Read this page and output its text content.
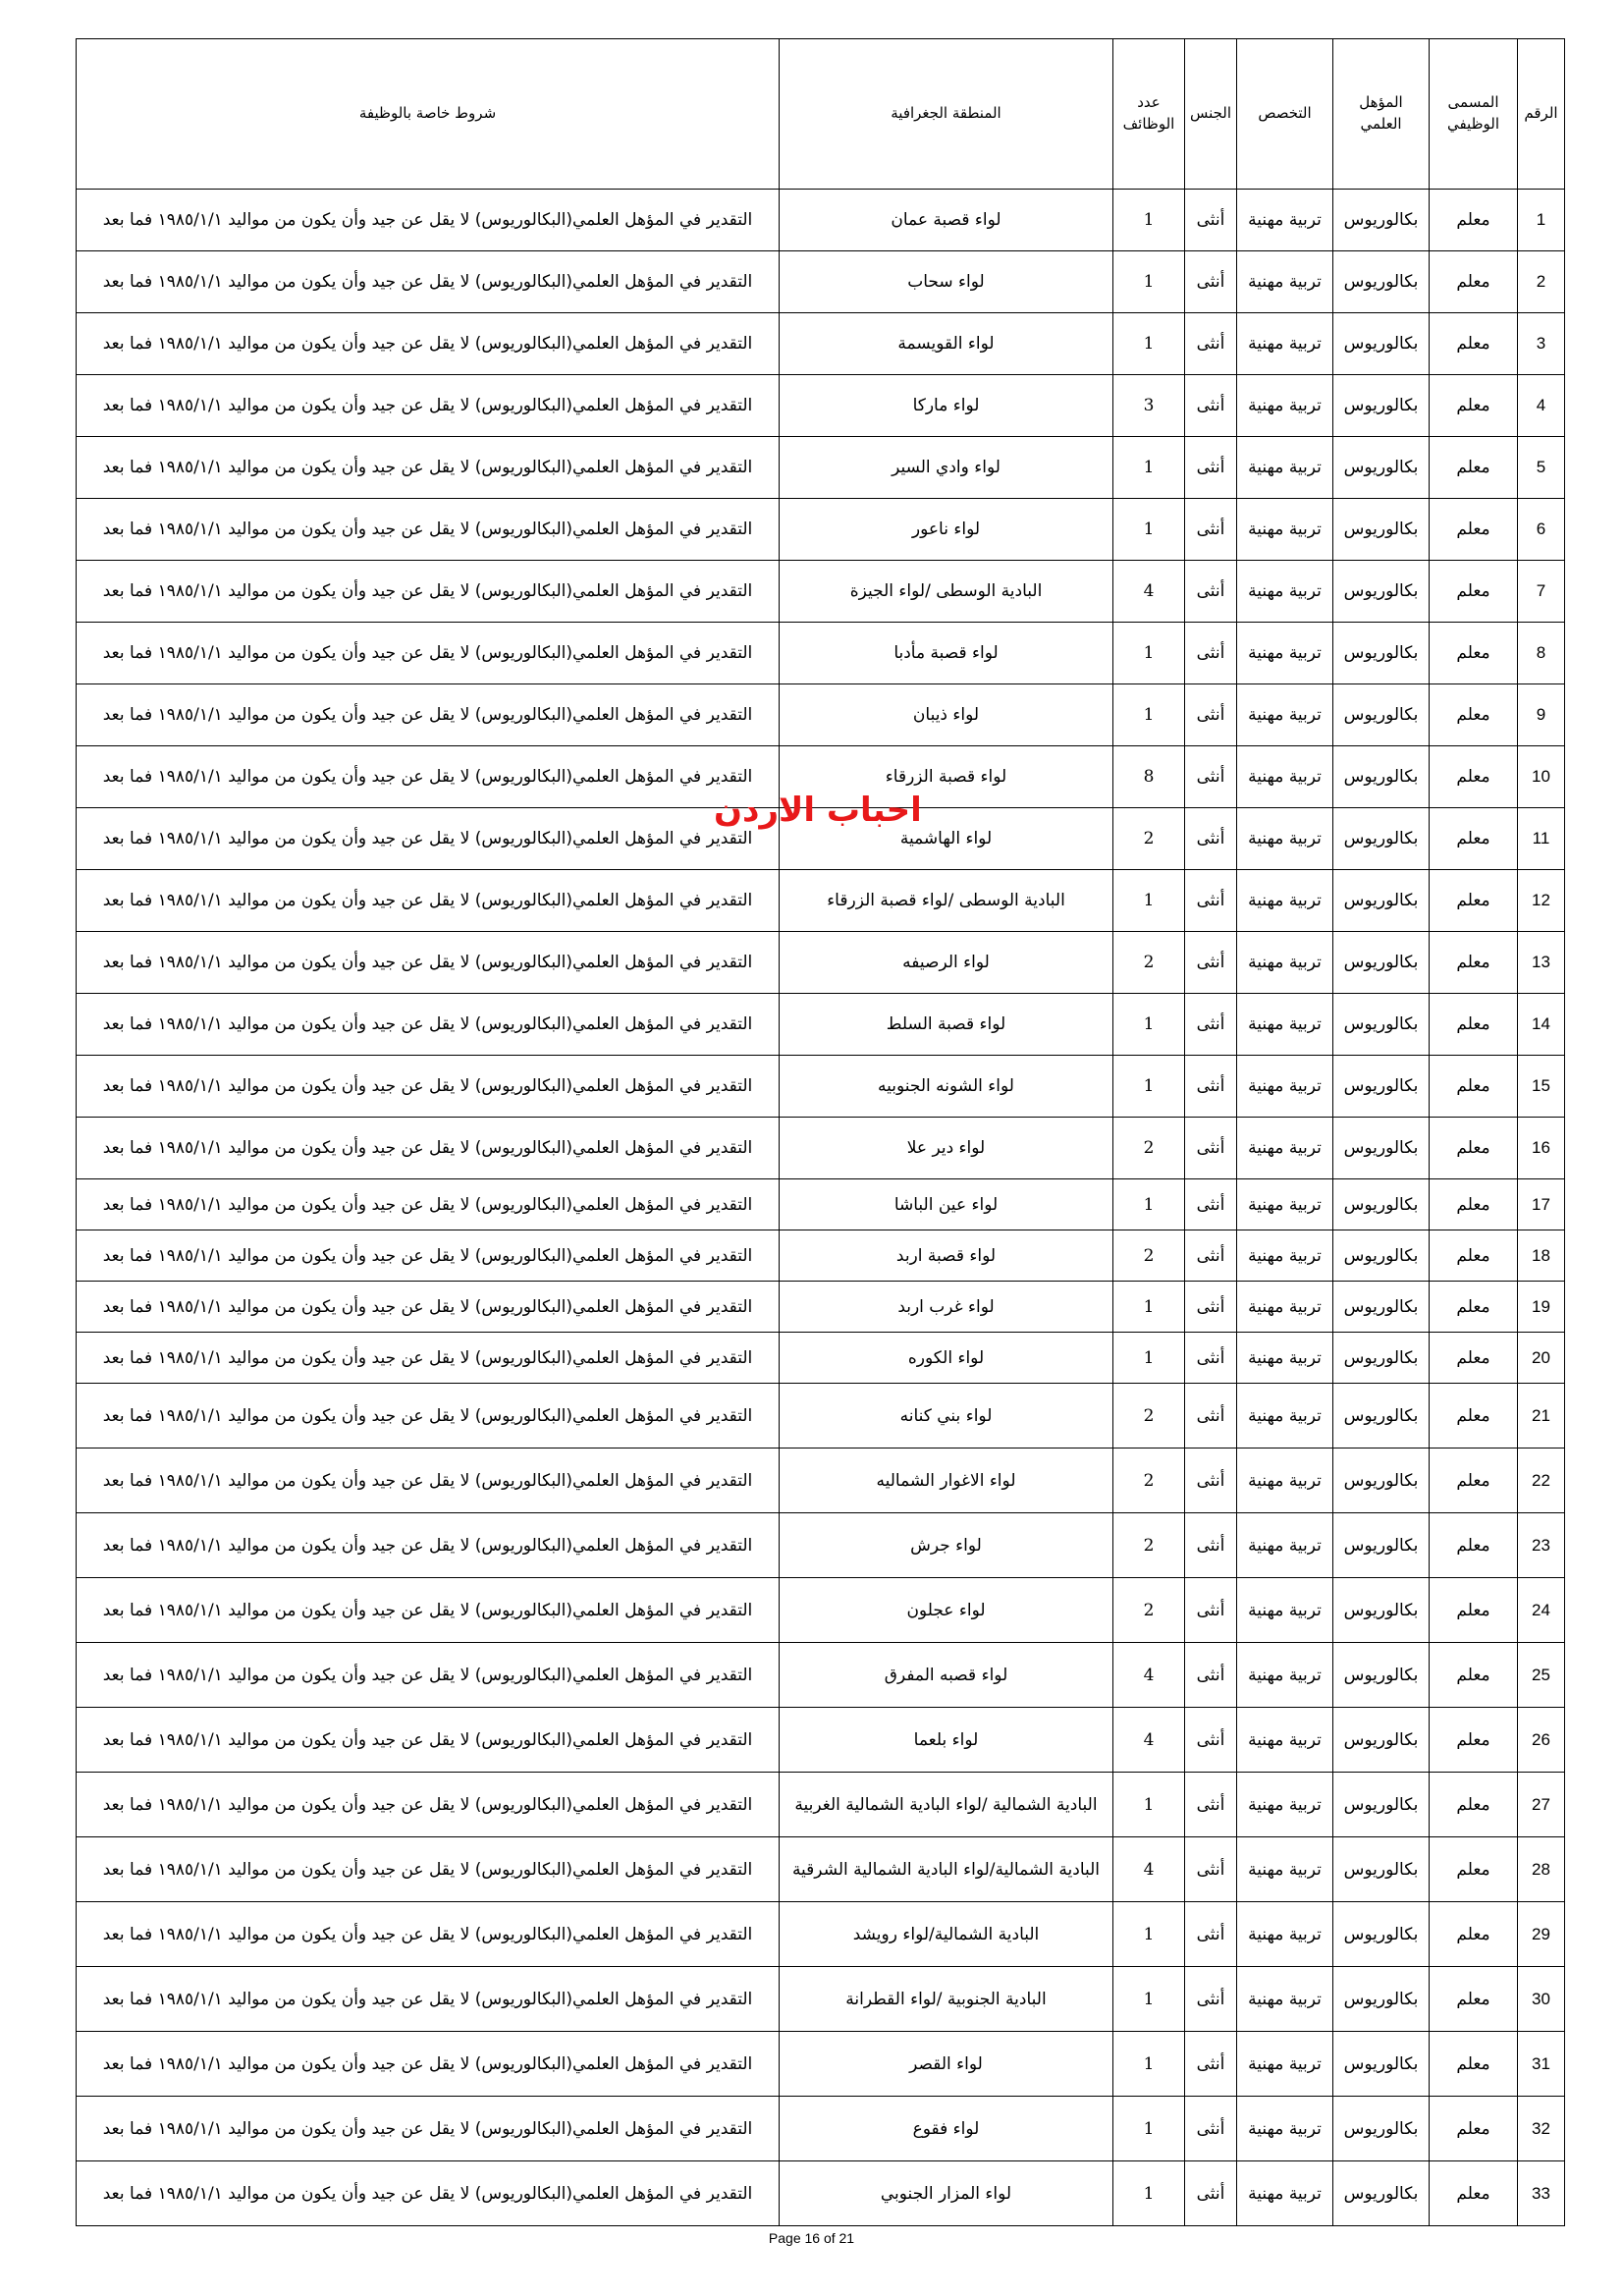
الرقم	المسمى الوظيفي	المؤهل العلمي	التخصص	الجنس	عدد الوظائف	المنطقة الجغرافية	شروط خاصة بالوظيفة
1	معلم	بكالوريوس	تربية مهنية	أنثى	1	لواء قصبة عمان	التقدير في المؤهل العلمي(البكالوريوس) لا يقل عن جيد وأن يكون من مواليد ١٩٨٥/١/١ فما بعد
2	معلم	بكالوريوس	تربية مهنية	أنثى	1	لواء سحاب	التقدير في المؤهل العلمي(البكالوريوس) لا يقل عن جيد وأن يكون من مواليد ١٩٨٥/١/١ فما بعد
3	معلم	بكالوريوس	تربية مهنية	أنثى	1	لواء القويسمة	التقدير في المؤهل العلمي(البكالوريوس) لا يقل عن جيد وأن يكون من مواليد ١٩٨٥/١/١ فما بعد
4	معلم	بكالوريوس	تربية مهنية	أنثى	3	لواء ماركا	التقدير في المؤهل العلمي(البكالوريوس) لا يقل عن جيد وأن يكون من مواليد ١٩٨٥/١/١ فما بعد
5	معلم	بكالوريوس	تربية مهنية	أنثى	1	لواء وادي السير	التقدير في المؤهل العلمي(البكالوريوس) لا يقل عن جيد وأن يكون من مواليد ١٩٨٥/١/١ فما بعد
6	معلم	بكالوريوس	تربية مهنية	أنثى	1	لواء ناعور	التقدير في المؤهل العلمي(البكالوريوس) لا يقل عن جيد وأن يكون من مواليد ١٩٨٥/١/١ فما بعد
7	معلم	بكالوريوس	تربية مهنية	أنثى	4	البادية الوسطى /لواء الجيزة	التقدير في المؤهل العلمي(البكالوريوس) لا يقل عن جيد وأن يكون من مواليد ١٩٨٥/١/١ فما بعد
8	معلم	بكالوريوس	تربية مهنية	أنثى	1	لواء قصبة مأدبا	التقدير في المؤهل العلمي(البكالوريوس) لا يقل عن جيد وأن يكون من مواليد ١٩٨٥/١/١ فما بعد
9	معلم	بكالوريوس	تربية مهنية	أنثى	1	لواء ذيبان	التقدير في المؤهل العلمي(البكالوريوس) لا يقل عن جيد وأن يكون من مواليد ١٩٨٥/١/١ فما بعد
10	معلم	بكالوريوس	تربية مهنية	أنثى	8	لواء قصبة الزرقاء	التقدير في المؤهل العلمي(البكالوريوس) لا يقل عن جيد وأن يكون من مواليد ١٩٨٥/١/١ فما بعد
11	معلم	بكالوريوس	تربية مهنية	أنثى	2	لواء الهاشمية	التقدير في المؤهل العلمي(البكالوريوس) لا يقل عن جيد وأن يكون من مواليد ١٩٨٥/١/١ فما بعد
12	معلم	بكالوريوس	تربية مهنية	أنثى	1	البادية الوسطى /لواء قصبة الزرقاء	التقدير في المؤهل العلمي(البكالوريوس) لا يقل عن جيد وأن يكون من مواليد ١٩٨٥/١/١ فما بعد
13	معلم	بكالوريوس	تربية مهنية	أنثى	2	لواء الرصيفه	التقدير في المؤهل العلمي(البكالوريوس) لا يقل عن جيد وأن يكون من مواليد ١٩٨٥/١/١ فما بعد
14	معلم	بكالوريوس	تربية مهنية	أنثى	1	لواء قصبة السلط	التقدير في المؤهل العلمي(البكالوريوس) لا يقل عن جيد وأن يكون من مواليد ١٩٨٥/١/١ فما بعد
15	معلم	بكالوريوس	تربية مهنية	أنثى	1	لواء الشونه الجنوبيه	التقدير في المؤهل العلمي(البكالوريوس) لا يقل عن جيد وأن يكون من مواليد ١٩٨٥/١/١ فما بعد
16	معلم	بكالوريوس	تربية مهنية	أنثى	2	لواء دير علا	التقدير في المؤهل العلمي(البكالوريوس) لا يقل عن جيد وأن يكون من مواليد ١٩٨٥/١/١ فما بعد
17	معلم	بكالوريوس	تربية مهنية	أنثى	1	لواء عين الباشا	التقدير في المؤهل العلمي(البكالوريوس) لا يقل عن جيد وأن يكون من مواليد ١٩٨٥/١/١ فما بعد
18	معلم	بكالوريوس	تربية مهنية	أنثى	2	لواء قصبة اربد	التقدير في المؤهل العلمي(البكالوريوس) لا يقل عن جيد وأن يكون من مواليد ١٩٨٥/١/١ فما بعد
19	معلم	بكالوريوس	تربية مهنية	أنثى	1	لواء غرب اربد	التقدير في المؤهل العلمي(البكالوريوس) لا يقل عن جيد وأن يكون من مواليد ١٩٨٥/١/١ فما بعد
20	معلم	بكالوريوس	تربية مهنية	أنثى	1	لواء الكوره	التقدير في المؤهل العلمي(البكالوريوس) لا يقل عن جيد وأن يكون من مواليد ١٩٨٥/١/١ فما بعد
21	معلم	بكالوريوس	تربية مهنية	أنثى	2	لواء بني كنانه	التقدير في المؤهل العلمي(البكالوريوس) لا يقل عن جيد وأن يكون من مواليد ١٩٨٥/١/١ فما بعد
22	معلم	بكالوريوس	تربية مهنية	أنثى	2	لواء الاغوار الشماليه	التقدير في المؤهل العلمي(البكالوريوس) لا يقل عن جيد وأن يكون من مواليد ١٩٨٥/١/١ فما بعد
23	معلم	بكالوريوس	تربية مهنية	أنثى	2	لواء جرش	التقدير في المؤهل العلمي(البكالوريوس) لا يقل عن جيد وأن يكون من مواليد ١٩٨٥/١/١ فما بعد
24	معلم	بكالوريوس	تربية مهنية	أنثى	2	لواء عجلون	التقدير في المؤهل العلمي(البكالوريوس) لا يقل عن جيد وأن يكون من مواليد ١٩٨٥/١/١ فما بعد
25	معلم	بكالوريوس	تربية مهنية	أنثى	4	لواء قصبه المفرق	التقدير في المؤهل العلمي(البكالوريوس) لا يقل عن جيد وأن يكون من مواليد ١٩٨٥/١/١ فما بعد
26	معلم	بكالوريوس	تربية مهنية	أنثى	4	لواء بلعما	التقدير في المؤهل العلمي(البكالوريوس) لا يقل عن جيد وأن يكون من مواليد ١٩٨٥/١/١ فما بعد
27	معلم	بكالوريوس	تربية مهنية	أنثى	1	البادية الشمالية /لواء البادية الشمالية الغربية	التقدير في المؤهل العلمي(البكالوريوس) لا يقل عن جيد وأن يكون من مواليد ١٩٨٥/١/١ فما بعد
28	معلم	بكالوريوس	تربية مهنية	أنثى	4	البادية الشمالية/لواء البادية الشمالية الشرقية	التقدير في المؤهل العلمي(البكالوريوس) لا يقل عن جيد وأن يكون من مواليد ١٩٨٥/١/١ فما بعد
29	معلم	بكالوريوس	تربية مهنية	أنثى	1	البادية الشمالية/لواء رويشد	التقدير في المؤهل العلمي(البكالوريوس) لا يقل عن جيد وأن يكون من مواليد ١٩٨٥/١/١ فما بعد
30	معلم	بكالوريوس	تربية مهنية	أنثى	1	البادية الجنوبية /لواء القطرانة	التقدير في المؤهل العلمي(البكالوريوس) لا يقل عن جيد وأن يكون من مواليد ١٩٨٥/١/١ فما بعد
31	معلم	بكالوريوس	تربية مهنية	أنثى	1	لواء القصر	التقدير في المؤهل العلمي(البكالوريوس) لا يقل عن جيد وأن يكون من مواليد ١٩٨٥/١/١ فما بعد
32	معلم	بكالوريوس	تربية مهنية	أنثى	1	لواء فقوع	التقدير في المؤهل العلمي(البكالوريوس) لا يقل عن جيد وأن يكون من مواليد ١٩٨٥/١/١ فما بعد
33	معلم	بكالوريوس	تربية مهنية	أنثى	1	لواء المزار الجنوبي	التقدير في المؤهل العلمي(البكالوريوس) لا يقل عن جيد وأن يكون من مواليد ١٩٨٥/١/١ فما بعد
احباب الاردن
Page 16 of 21
